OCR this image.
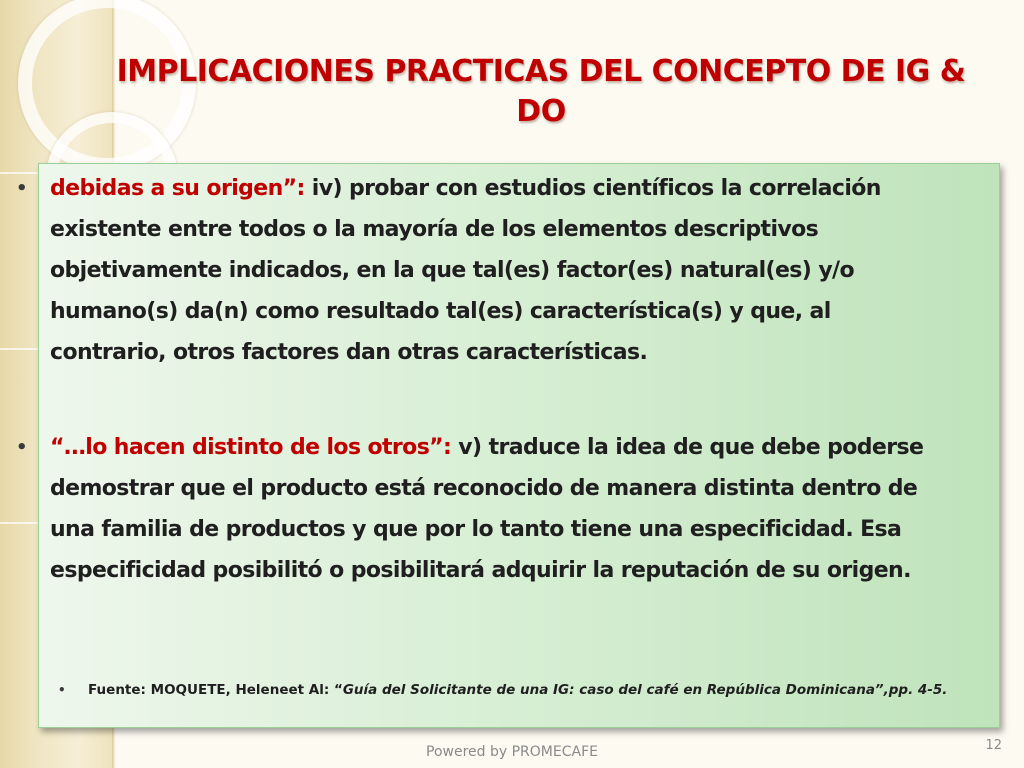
IMPLICACIONES PRACTICAS DEL CONCEPTO DE IG & DO
• debidas a su origen”: iv) probar con estudios científicos la correlación existente entre todos o la mayoría de los elementos descriptivos objetivamente indicados, en la que tal(es) factor(es) natural(es) y/o humano(s) da(n) como resultado tal(es) característica(s) y que, al contrario, otros factores dan otras características.
• “…lo hacen distinto de los otros”: v) traduce la idea de que debe poderse demostrar que el producto está reconocido de manera distinta dentro de una familia de productos y que por lo tanto tiene una especificidad. Esa especificidad posibilitó o posibilitará adquirir la reputación de su origen.
• Fuente: MOQUETE, Heleneet Al: “Guía del Solicitante de una IG: caso del café en República Dominicana”,pp. 4-5.
Powered by PROMECAFE	12
